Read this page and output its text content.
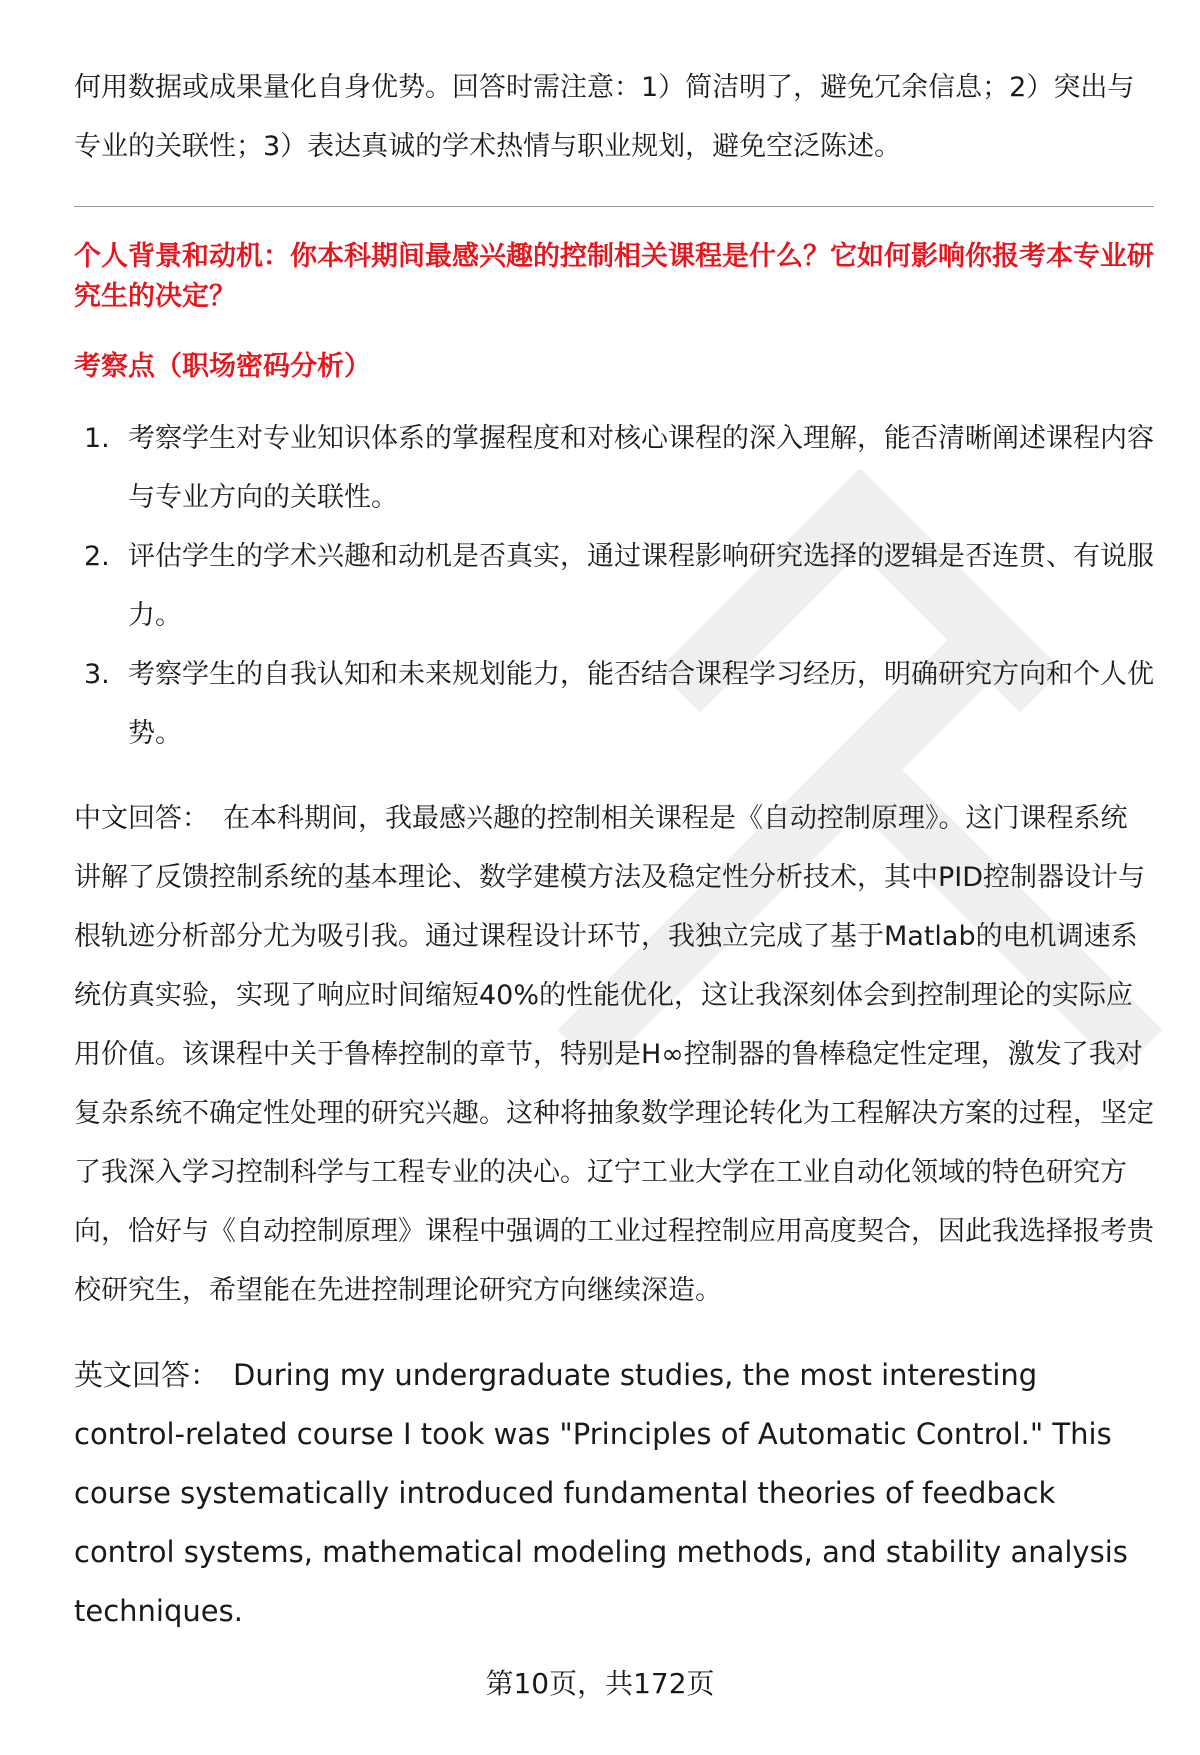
何用数据或成果量化自身优势。回答时需注意：1）简洁明了，避免冗余信息；2）突出与专业的关联性；3）表达真诚的学术热情与职业规划，避免空泛陈述。

个人背景和动机：你本科期间最感兴趣的控制相关课程是什么？它如何影响你报考本专业研究生的决定？

考察点（职场密码分析）

1. 考察学生对专业知识体系的掌握程度和对核心课程的深入理解，能否清晰阐述课程内容与专业方向的关联性。
2. 评估学生的学术兴趣和动机是否真实，通过课程影响研究选择的逻辑是否连贯、有说服力。
3. 考察学生的自我认知和未来规划能力，能否结合课程学习经历，明确研究方向和个人优势。

中文回答： 在本科期间，我最感兴趣的控制相关课程是《自动控制原理》。这门课程系统讲解了反馈控制系统的基本理论、数学建模方法及稳定性分析技术，其中PID控制器设计与根轨迹分析部分尤为吸引我。通过课程设计环节，我独立完成了基于Matlab的电机调速系统仿真实验，实现了响应时间缩短40%的性能优化，这让我深刻体会到控制理论的实际应用价值。该课程中关于鲁棒控制的章节，特别是H∞控制器的鲁棒稳定性定理，激发了我对复杂系统不确定性处理的研究兴趣。这种将抽象数学理论转化为工程解决方案的过程，坚定了我深入学习控制科学与工程专业的决心。辽宁工业大学在工业自动化领域的特色研究方向，恰好与《自动控制原理》课程中强调的工业过程控制应用高度契合，因此我选择报考贵校研究生，希望能在先进控制理论研究方向继续深造。

英文回答： During my undergraduate studies, the most interesting control-related course I took was "Principles of Automatic Control." This course systematically introduced fundamental theories of feedback control systems, mathematical modeling methods, and stability analysis techniques.

第10页，共172页
